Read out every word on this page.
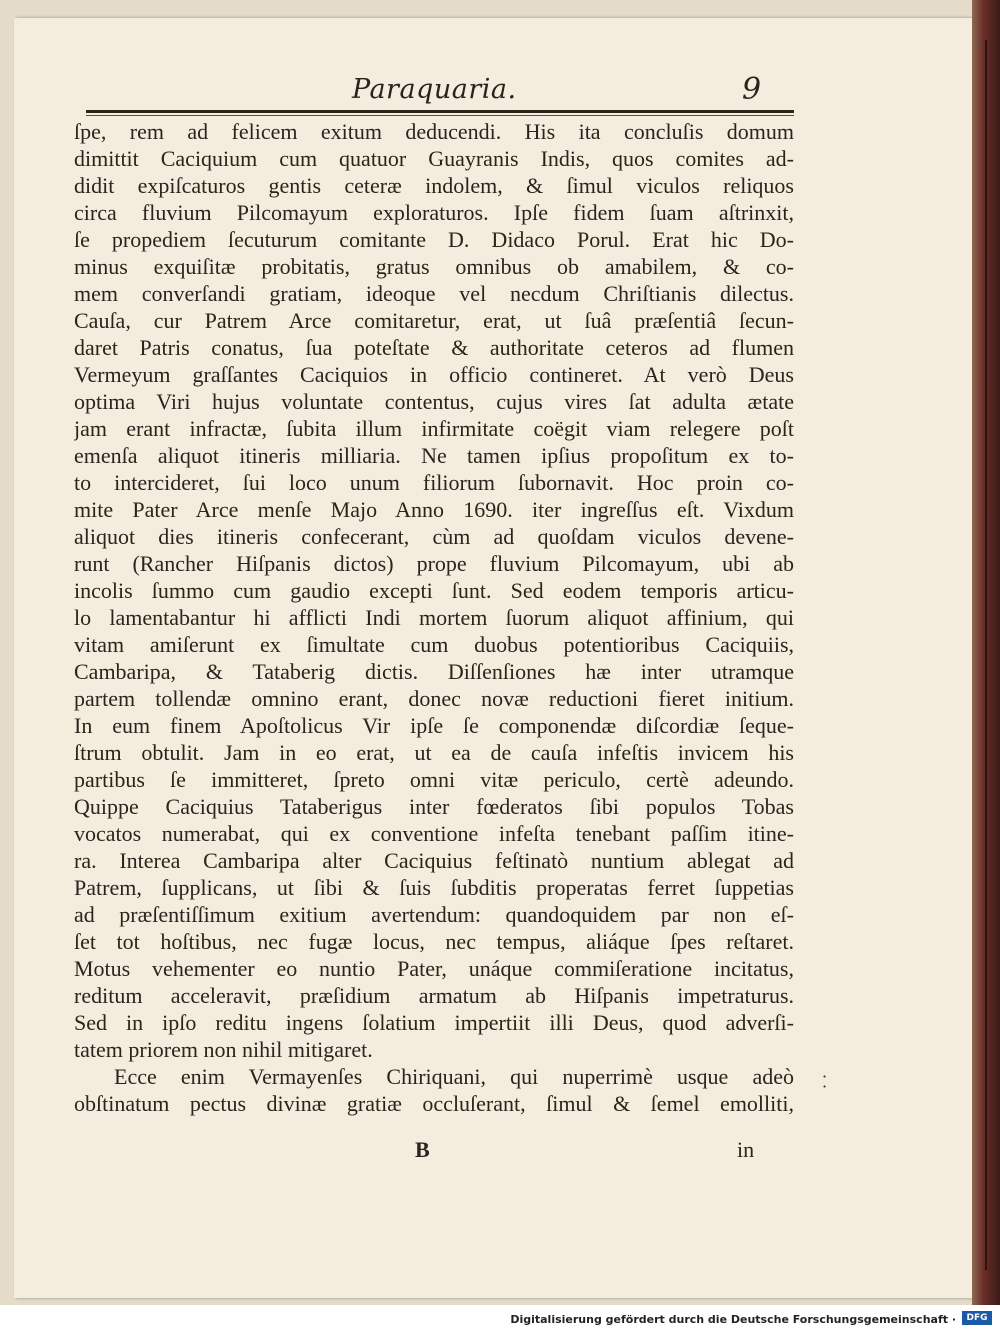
Paraquaria.	9
ſpe, rem ad felicem exitum deducendi. His ita concluſis domum
dimittit Caciquium cum quatuor Guayranis Indis, quos comites ad-
didit expiſcaturos gentis ceteræ indolem, & ſimul viculos reliquos
circa fluvium Pilcomayum exploraturos. Ipſe fidem ſuam aſtrinxit,
ſe propediem ſecuturum comitante D. Didaco Porul. Erat hic Do-
minus exquiſitæ probitatis, gratus omnibus ob amabilem, & co-
mem converſandi gratiam, ideoque vel necdum Chriſtianis dilectus.
Cauſa, cur Patrem Arce comitaretur, erat, ut ſuâ præſentiâ ſecun-
daret Patris conatus, ſua poteſtate & authoritate ceteros ad flumen
Vermeyum graſſantes Caciquios in officio contineret. At verò Deus
optima Viri hujus voluntate contentus, cujus vires ſat adulta ætate
jam erant infractæ, ſubita illum infirmitate coëgit viam relegere poſt
emenſa aliquot itineris milliaria. Ne tamen ipſius propoſitum ex to-
to intercideret, ſui loco unum filiorum ſubornavit. Hoc proin co-
mite Pater Arce menſe Majo Anno 1690. iter ingreſſus eſt. Vixdum
aliquot dies itineris confecerant, cùm ad quoſdam viculos devene-
runt (Rancher Hiſpanis dictos) prope fluvium Pilcomayum, ubi ab
incolis ſummo cum gaudio excepti ſunt. Sed eodem temporis articu-
lo lamentabantur hi afflicti Indi mortem ſuorum aliquot affinium, qui
vitam amiſerunt ex ſimultate cum duobus potentioribus Caciquiis,
Cambaripa, & Tataberig dictis. Diſſenſiones hæ inter utramque
partem tollendæ omnino erant, donec novæ reductioni fieret initium.
In eum finem Apoſtolicus Vir ipſe ſe componendæ diſcordiæ ſeque-
ſtrum obtulit. Jam in eo erat, ut ea de cauſa infeſtis invicem his
partibus ſe immitteret, ſpreto omni vitæ periculo, certè adeundo.
Quippe Caciquius Tataberigus inter fœderatos ſibi populos Tobas
vocatos numerabat, qui ex conventione infeſta tenebant paſſim itine-
ra. Interea Cambaripa alter Caciquius feſtinatò nuntium ablegat ad
Patrem, ſupplicans, ut ſibi & ſuis ſubditis properatas ferret ſuppetias
ad præſentiſſimum exitium avertendum: quandoquidem par non eſ-
ſet tot hoſtibus, nec fugæ locus, nec tempus, aliáque ſpes reſtaret.
Motus vehementer eo nuntio Pater, unáque commiſeratione incitatus,
reditum acceleravit, præſidium armatum ab Hiſpanis impetraturus.
Sed in ipſo reditu ingens ſolatium impertiit illi Deus, quod adverſi-
tatem priorem non nihil mitigaret.
Ecce enim Vermayenſes Chiriquani, qui nuperrimè usque adeò
obſtinatum pectus divinæ gratiæ occluſerant, ſimul & ſemel emolliti,
B	in
·
·
Digitalisierung gefördert durch die Deutsche Forschungsgemeinschaft ·	DFG
